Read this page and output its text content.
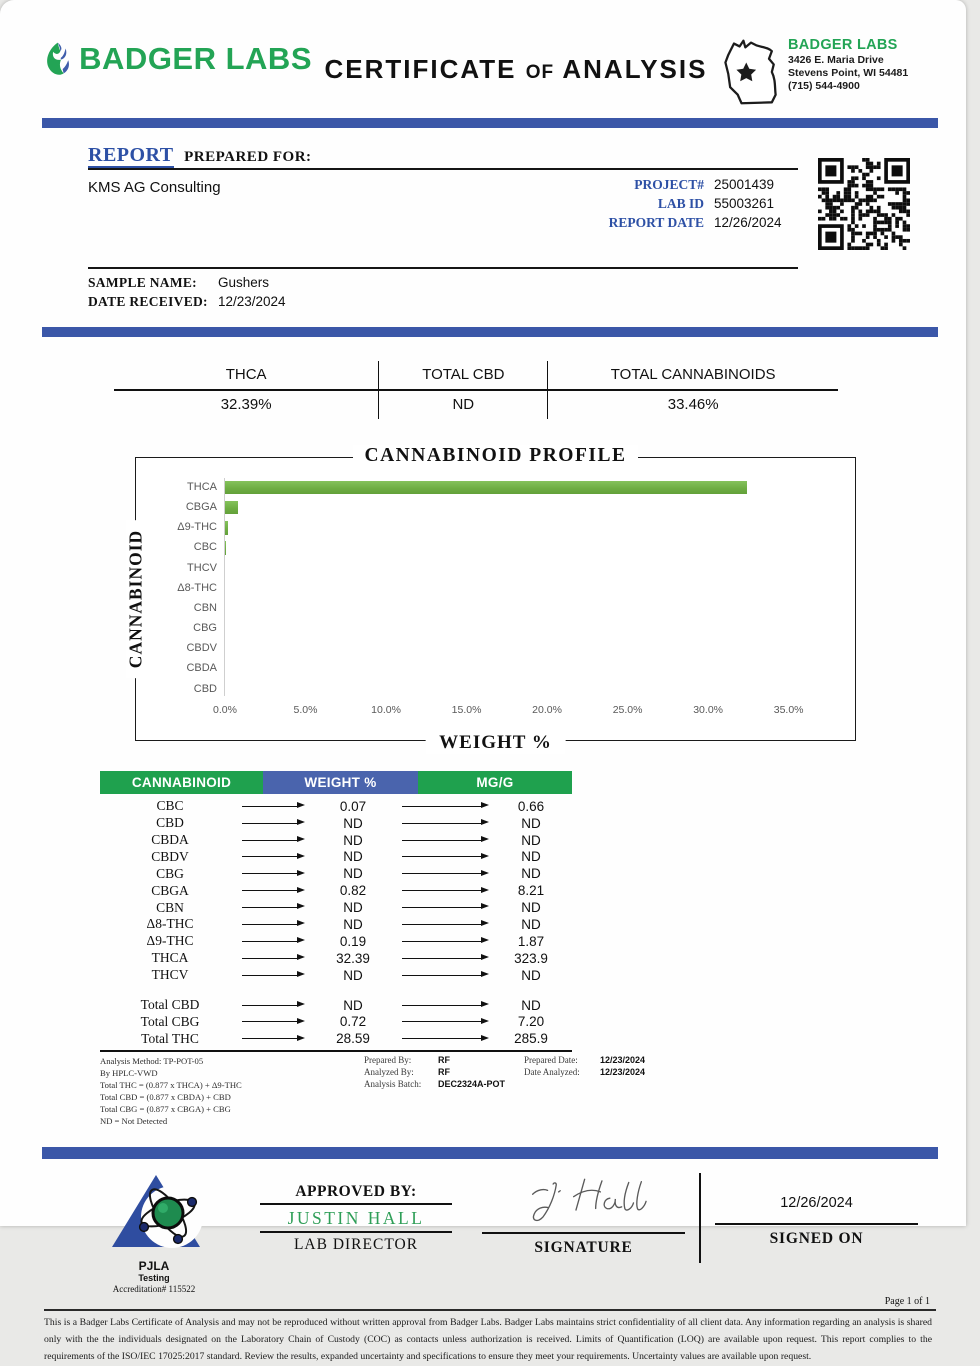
BADGER LABS CERTIFICATE OF ANALYSIS
BADGER LABS
3426 E. Maria Drive
Stevens Point, WI 54481
(715) 544-4900
REPORT PREPARED FOR:
KMS AG Consulting	PROJECT# 25001439
LAB ID 55003261
REPORT DATE 12/26/2024
SAMPLE NAME:	Gushers
DATE RECEIVED: 12/23/2024
THCA	TOTAL CBD	TOTAL CANNABINOIDS
32.39%	ND	33.46%
CANNABINOID PROFILE
CANNABINOID
WEIGHT %
0.0%	5.0%	10.0%	15.0%	20.0%	25.0%	30.0%	35.0%
THCA
CBGA
Δ9-THC
CBC
THCV
Δ8-THC
CBN
CBG
CBDV
CBDA
CBD
CANNABINOID	WEIGHT %	MG/G
CBC	0.07	0.66
CBD	ND	ND
CBDA	ND	ND
CBDV	ND	ND
CBG	ND	ND
CBGA	0.82	8.21
CBN	ND	ND
Δ8-THC	ND	ND
Δ9-THC	0.19	1.87
THCA	32.39	323.9
THCV	ND	ND
Total CBD	ND	ND
Total CBG	0.72	7.20
Total THC	28.59	285.9
Analysis Method: TP-POT-05
By HPLC-VWD
Total THC = (0.877 x THCA) + Δ9-THC
Total CBD = (0.877 x CBDA) + CBD
Total CBG = (0.877 x CBGA) + CBG
ND = Not Detected
Prepared By:	RF	Prepared Date:	12/23/2024
Analyzed By:	RF	Date Analyzed:	12/23/2024
Analysis Batch:	DEC2324A-POT
PJLA
Testing
Accreditation# 115522
APPROVED BY:
JUSTIN HALL
LAB DIRECTOR	SIGNATURE
12/26/2024
SIGNED ON
Page 1 of 1
This is a Badger Labs Certificate of Analysis and may not be reproduced without written approval from Badger Labs. Badger Labs maintains strict confidentiality of all client data. Any information regarding an analysis is shared only with the the individuals designated on the Laboratory Chain of Custody (COC) as contacts unless authorization is received. Limits of Quantification (LOQ) are available upon request. This report complies to the requirements of the ISO/IEC 17025:2017 standard. Review the results, expanded uncertainty and specifications to ensure they meet your requirements. Uncertainty values are available upon request.
